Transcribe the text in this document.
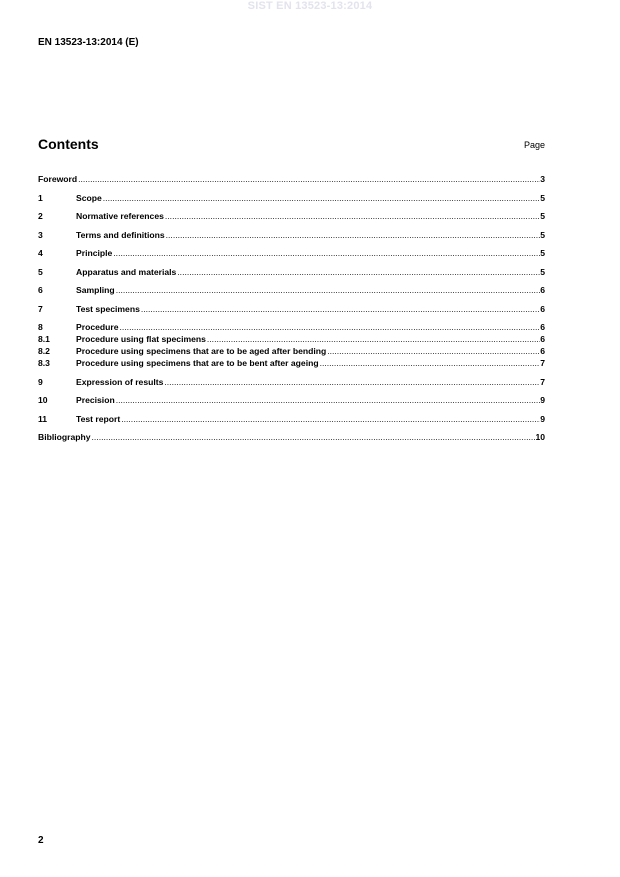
SIST EN 13523-13:2014
EN 13523-13:2014 (E)
Contents	Page
Foreword .....	3
1	Scope .....	5
2	Normative references .....	5
3	Terms and definitions .....	5
4	Principle .....	5
5	Apparatus and materials .....	5
6	Sampling .....	6
7	Test specimens .....	6
8	Procedure .....	6
8.1	Procedure using flat specimens .....	6
8.2	Procedure using specimens that are to be aged after bending .....	6
8.3	Procedure using specimens that are to be bent after ageing .....	7
9	Expression of results .....	7
10	Precision .....	9
11	Test report .....	9
Bibliography .....	10
2
